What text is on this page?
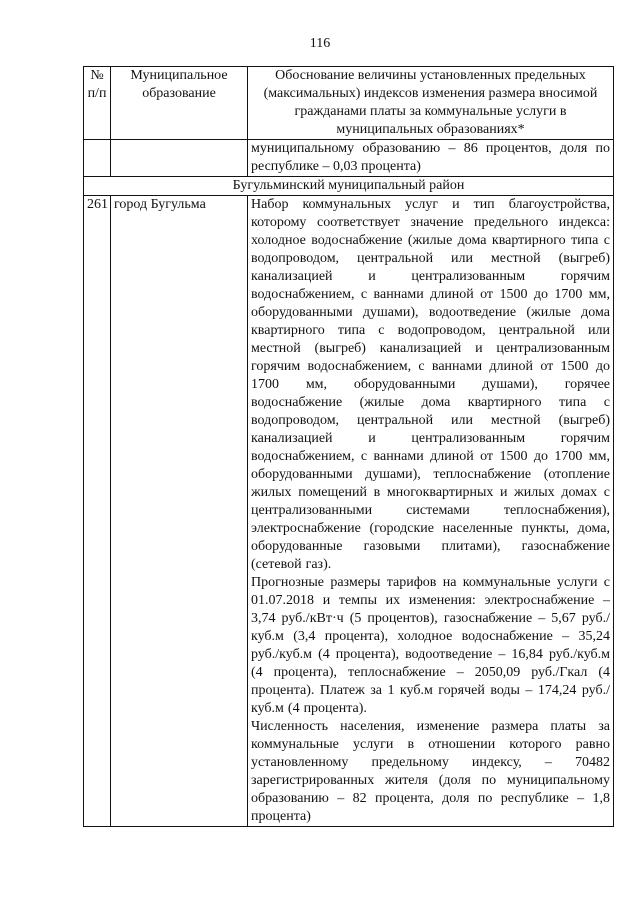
116
№ п/п	Муниципальное образование	Обоснование величины установленных предельных (максимальных) индексов изменения размера вносимой гражданами платы за коммунальные услуги в муниципальных образованиях*
		муниципальному образованию – 86 процентов, доля по республике – 0,03 процента)
Бугульминский муниципальный район		
261	город Бугульма	Набор коммунальных услуг и тип благоустройства, которому соответствует значение предельного индекса: холодное водоснабжение (жилые дома квартирного типа с водопроводом, центральной или местной (выгреб) канализацией и централизованным горячим водоснабжением, с ваннами длиной от 1500 до 1700 мм, оборудованными душами), водоотведение (жилые дома квартирного типа с водопроводом, центральной или местной (выгреб) канализацией и централизованным горячим водоснабжением, с ваннами длиной от 1500 до 1700 мм, оборудованными душами), горячее водоснабжение (жилые дома квартирного типа с водопроводом, центральной или местной (выгреб) канализацией и централизованным горячим водоснабжением, с ваннами длиной от 1500 до 1700 мм, оборудованными душами), теплоснабжение (отопление жилых помещений в многоквартирных и жилых домах с централизованными системами теплоснабжения), электроснабжение (городские населенные пункты, дома, оборудованные газовыми плитами), газоснабжение (сетевой газ).

Прогнозные размеры тарифов на коммунальные услуги с 01.07.2018 и темпы их изменения: электроснабжение – 3,74 руб./кВт·ч (5 процентов), газоснабжение – 5,67 руб./куб.м (3,4 процента), холодное водоснабжение – 35,24 руб./куб.м (4 процента), водоотведение – 16,84 руб./куб.м (4 процента), теплоснабжение – 2050,09 руб./Гкал (4 процента). Платеж за 1 куб.м горячей воды – 174,24 руб./куб.м (4 процента).

Численность населения, изменение размера платы за коммунальные услуги в отношении которого равно установленному предельному индексу, – 70482 зарегистрированных жителя (доля по муниципальному образованию – 82 процента, доля по республике – 1,8 процента)
